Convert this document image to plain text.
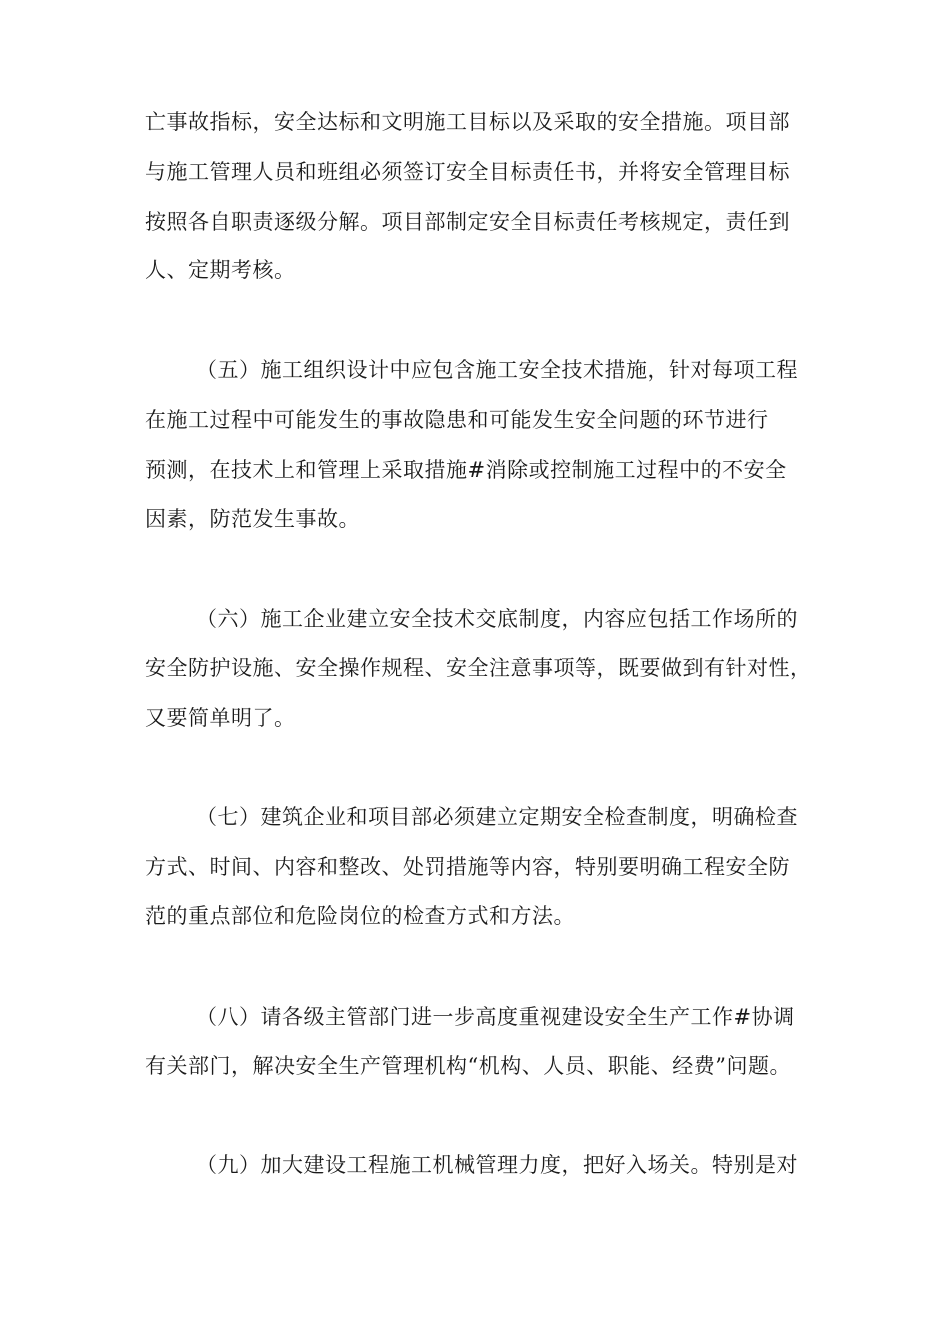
亡事故指标，安全达标和文明施工目标以及采取的安全措施。项目部
与施工管理人员和班组必须签订安全目标责任书，并将安全管理目标
按照各自职责逐级分解。项目部制定安全目标责任考核规定，责任到
人、定期考核。
（五）施工组织设计中应包含施工安全技术措施，针对每项工程
在施工过程中可能发生的事故隐患和可能发生安全问题的环节进行
预测，在技术上和管理上采取措施#消除或控制施工过程中的不安全
因素，防范发生事故。
（六）施工企业建立安全技术交底制度，内容应包括工作场所的
安全防护设施、安全操作规程、安全注意事项等，既要做到有针对性，
又要简单明了。
（七）建筑企业和项目部必须建立定期安全检查制度，明确检查
方式、时间、内容和整改、处罚措施等内容，特别要明确工程安全防
范的重点部位和危险岗位的检查方式和方法。
（八）请各级主管部门进一步高度重视建设安全生产工作#协调
有关部门，解决安全生产管理机构“机构、人员、职能、经费”问题。
（九）加大建设工程施工机械管理力度，把好入场关。特别是对
